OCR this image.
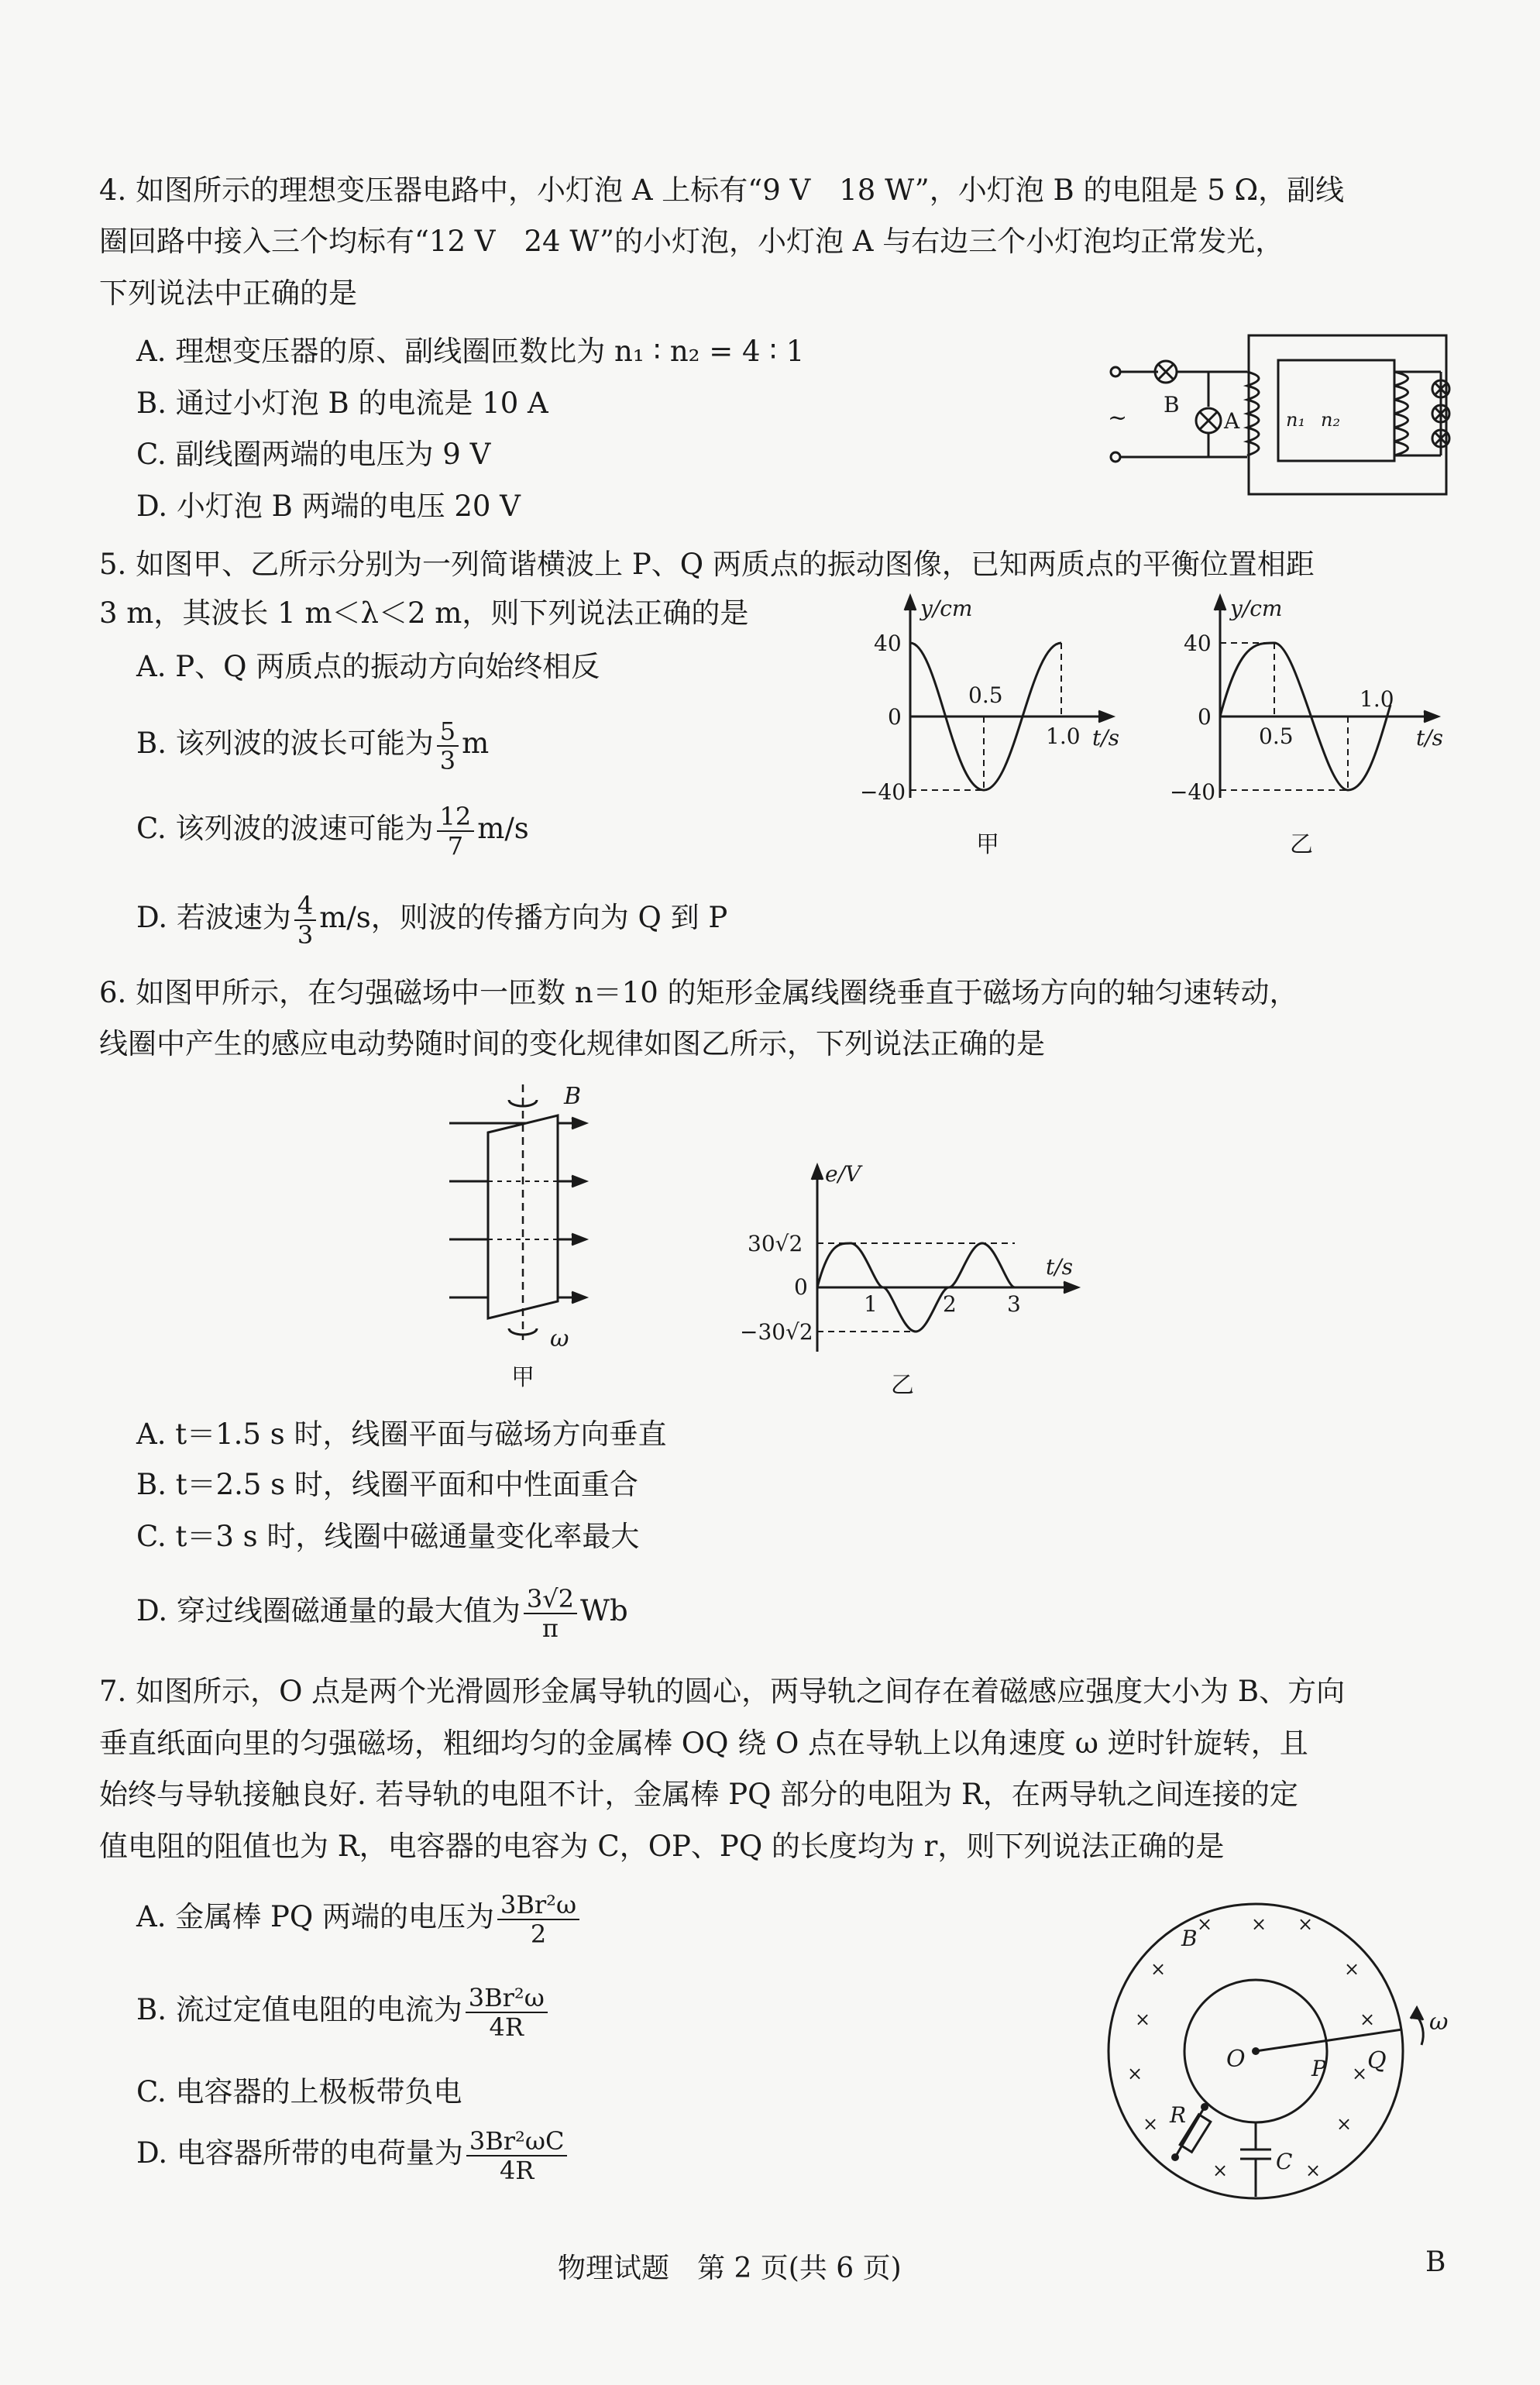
4. 如图所示的理想变压器电路中，小灯泡 A 上标有“9 V　18 W”，小灯泡 B 的电阻是 5 Ω，副线
圈回路中接入三个均标有“12 V　24 W”的小灯泡，小灯泡 A 与右边三个小灯泡均正常发光，
下列说法中正确的是
A. 理想变压器的原、副线圈匝数比为 n₁ ∶ n₂ = 4 ∶ 1
B. 通过小灯泡 B 的电流是 10 A
C. 副线圈两端的电压为 9 V
D. 小灯泡 B 两端的电压 20 V
~ B
A n₁ n₂
5. 如图甲、乙所示分别为一列简谐横波上 P、Q 两质点的振动图像，已知两质点的平衡位置相距
3 m，其波长 1 m＜λ＜2 m，则下列说法正确的是
A. P、Q 两质点的振动方向始终相反
B. 该列波的波长可能为 $\frac{5}{3}$ m
C. 该列波的波速可能为 $\frac{12}{7} m/s$
D. 若波速为 $\frac{4}{3} m/s$，则波的传播方向为 Q 到 P
y/cm
t/s
40
0
−40
0.5
1.0
甲
y/cm
t/s
40
0
−40
0.5
1.0
乙
6. 如图甲所示，在匀强磁场中一匝数 n＝10 的矩形金属线圈绕垂直于磁场方向的轴匀速转动，
线圈中产生的感应电动势随时间的变化规律如图乙所示，下列说法正确的是
B
ω
甲
e/V
t/s
30√2
0
−30√2
1	2 3
乙
A. t＝1.5 s 时，线圈平面与磁场方向垂直
B. t＝2.5 s 时，线圈平面和中性面重合
C. t＝3 s 时，线圈中磁通量变化率最大
D. 穿过线圈磁通量的最大值为 $\frac{3√2}{\pi}$ Wb
7. 如图所示，O 点是两个光滑圆形金属导轨的圆心，两导轨之间存在着磁感应强度大小为 B、方向
垂直纸面向里的匀强磁场，粗细均匀的金属棒 OQ 绕 O 点在导轨上以角速度 ω 逆时针旋转，且
始终与导轨接触良好. 若导轨的电阻不计，金属棒 PQ 部分的电阻为 R，在两导轨之间连接的定
值电阻的阻值也为 R，电容器的电容为 C，OP、PQ 的长度均为 r，则下列说法正确的是
A. 金属棒 PQ 两端的电压为 $\frac{\text{3Br²ω}}{2}$
B. 流过定值电阻的电流为 $\frac{\text{3Br²ω}}{4R}$
C. 电容器的上极板带负电
D. 电容器所带的电荷量为 $\frac{\text{3Br²ωC}}{4R}$
× × ×
×	×
×	×
×	×
×	×
×	×
B
O	P Q
R
C
ω
物理试题　第 2 页(共 6 页)	B
